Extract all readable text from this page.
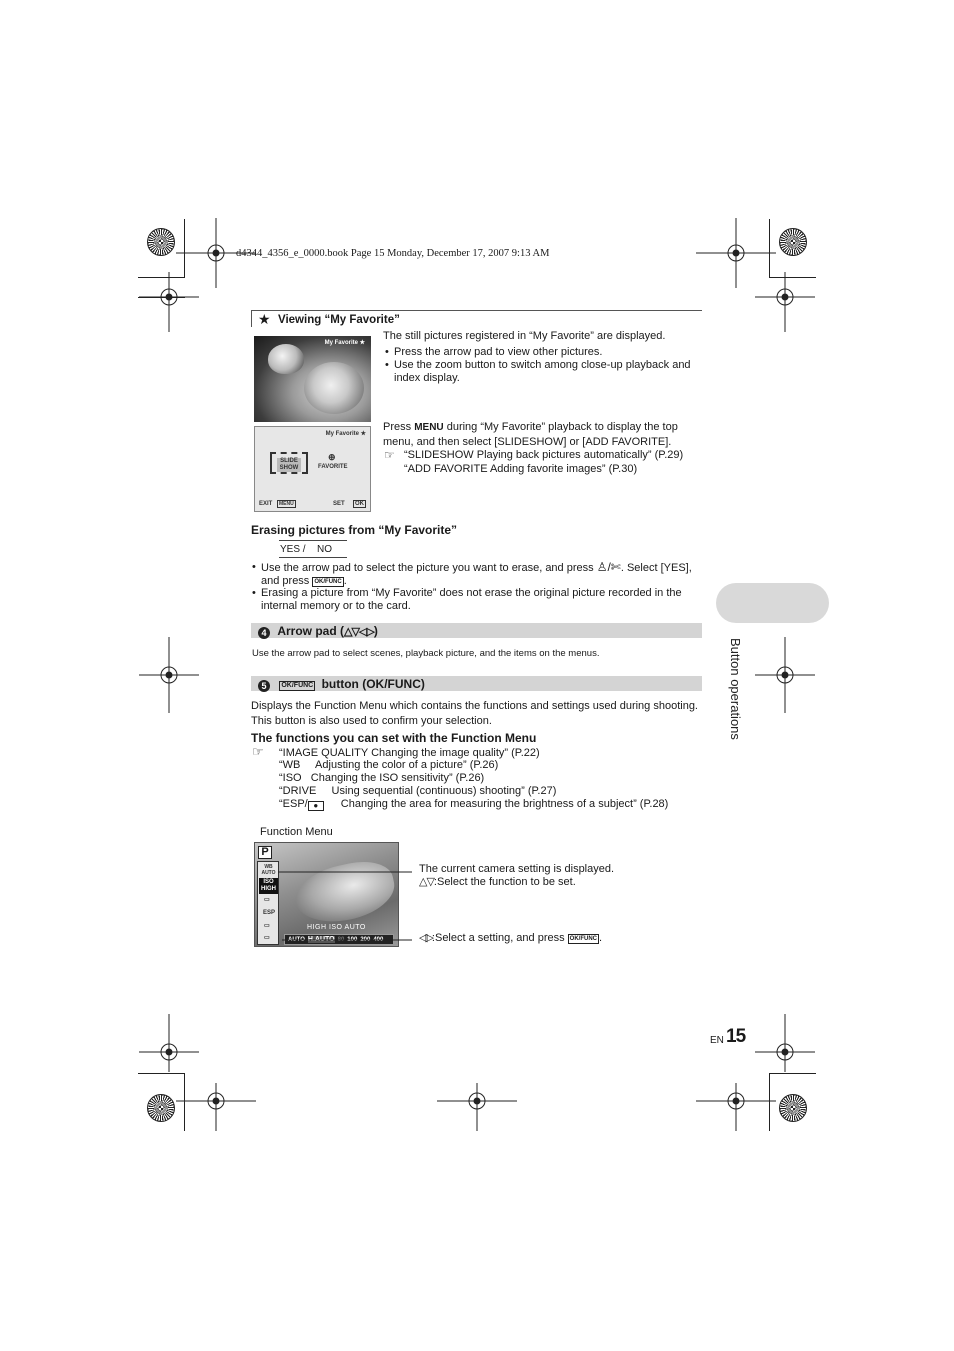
d4344_4356_e_0000.book Page 15 Monday, December 17, 2007 9:13 AM
★ Viewing “My Favorite”
The still pictures registered in “My Favorite” are displayed.
• Press the arrow pad to view other pictures.
• Use the zoom button to switch among close-up playback and index display.
My Favorite ★
My Favorite ★
SLIDE SHOW
⊕
FAVORITE
EXIT	MENU	SET	OK
Press MENU during “My Favorite” playback to display the top menu, and then select [SLIDESHOW] or [ADD FAVORITE].
☞ “SLIDESHOW Playing back pictures automatically” (P.29)
“ADD FAVORITE Adding favorite images” (P.30)
Erasing pictures from “My Favorite”
YES / NO
• Use the arrow pad to select the picture you want to erase, and press ♙/✄. Select [YES],
and press OK/FUNC .
• Erasing a picture from “My Favorite” does not erase the original picture recorded in the internal memory or to the card.
4 Arrow pad (△▽◁▷)
Use the arrow pad to select scenes, playback picture, and the items on the menus.
5 OK/FUNC button (OK/FUNC)
Displays the Function Menu which contains the functions and settings used during shooting.
This button is also used to confirm your selection.
The functions you can set with the Function Menu
☞ “IMAGE QUALITY Changing the image quality” (P.22)
“WB     Adjusting the color of a picture” (P.26)
“ISO   Changing the ISO sensitivity” (P.26)
“DRIVE     Using sequential (continuous) shooting” (P.27)
“ESP/ ● Changing the area for measuring the brightness of a subject” (P.28)
Function Menu
P
WB AUTO
ISO HIGH
▭
ESP
▭
▭
HIGH ISO AUTO
AUTO H.AUTO 80 100 200 400
The current camera setting is displayed.
△▽:Select the function to be set.
◁▷:Select a setting, and press OK/FUNC .
Button operations
EN 15
